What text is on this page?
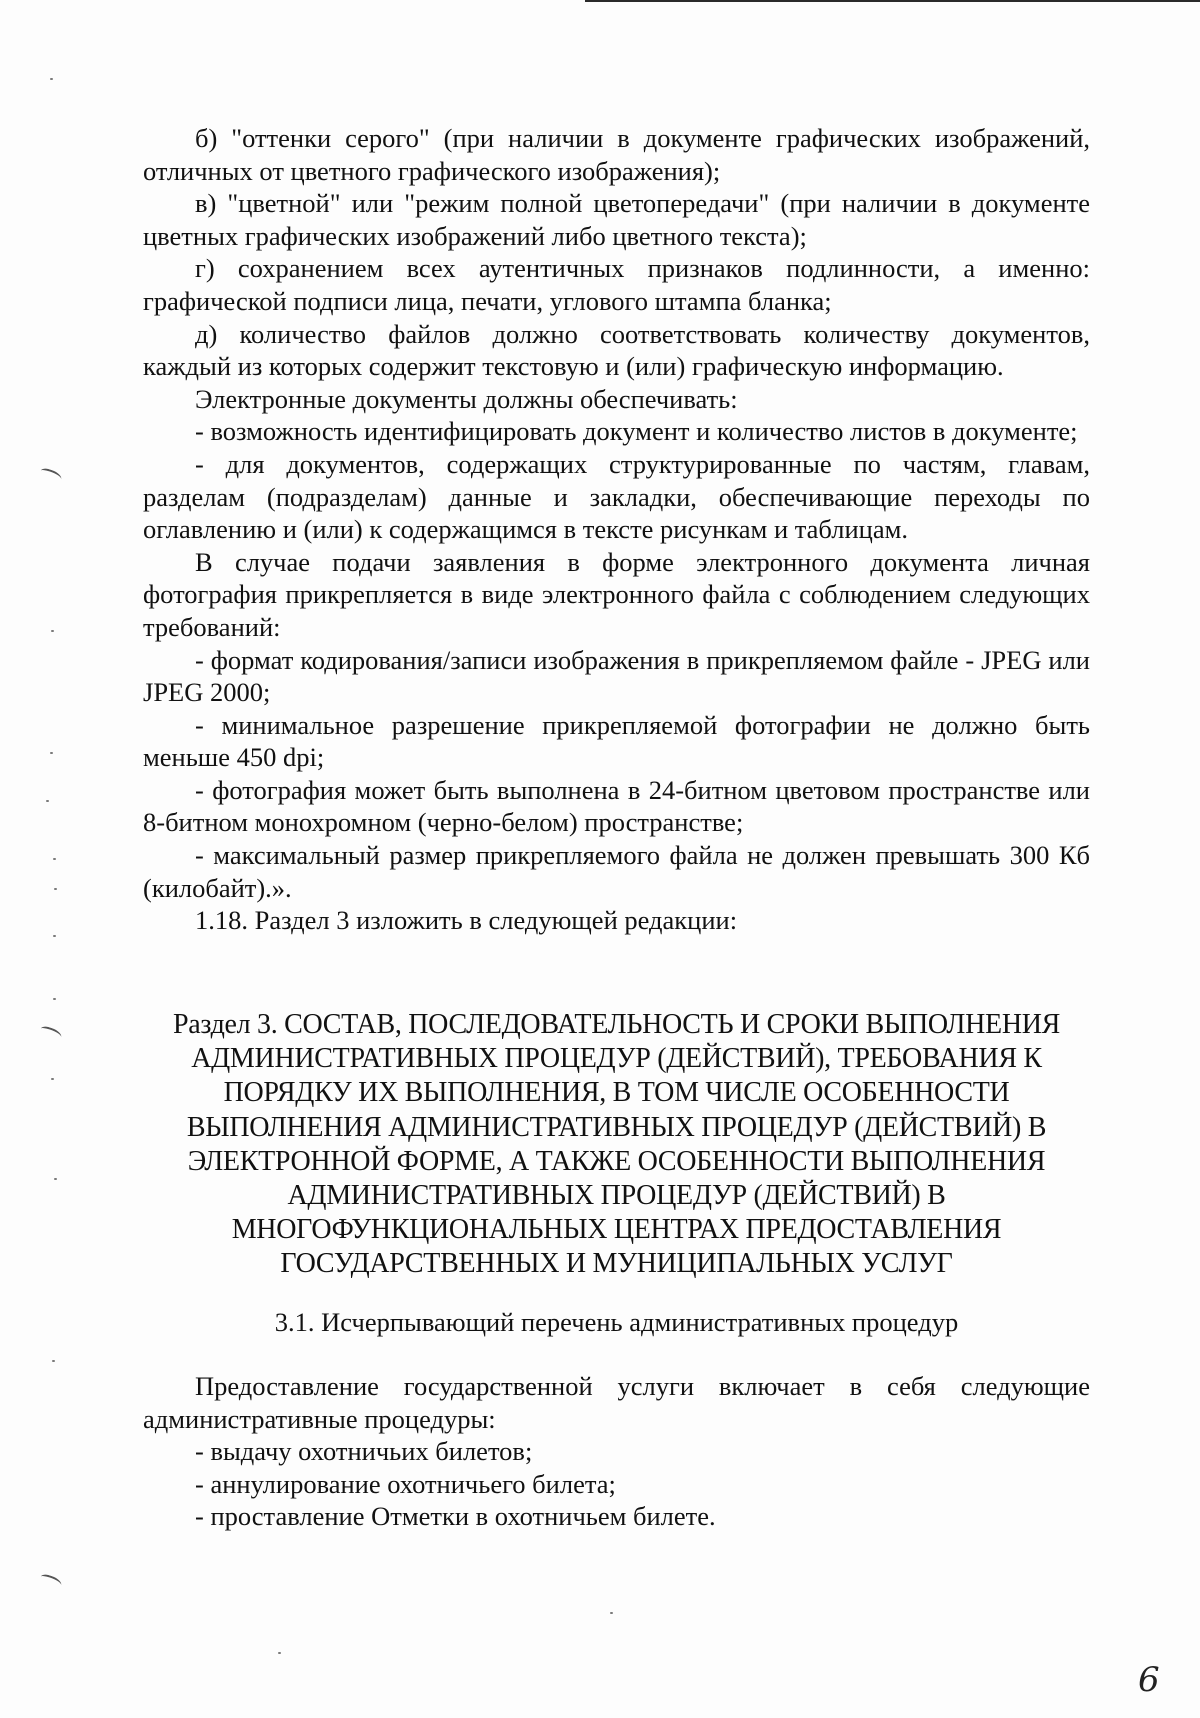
б) "оттенки серого" (при наличии в документе графических изображений, отличных от цветного графического изображения);

в) "цветной" или "режим полной цветопередачи" (при наличии в документе цветных графических изображений либо цветного текста);

г) сохранением всех аутентичных признаков подлинности, а именно: графической подписи лица, печати, углового штампа бланка;

д) количество файлов должно соответствовать количеству документов, каждый из которых содержит текстовую и (или) графическую информацию.

Электронные документы должны обеспечивать:

- возможность идентифицировать документ и количество листов в документе;

- для документов, содержащих структурированные по частям, главам, разделам (подразделам) данные и закладки, обеспечивающие переходы по оглавлению и (или) к содержащимся в тексте рисункам и таблицам.

В случае подачи заявления в форме электронного документа личная фотография прикрепляется в виде электронного файла с соблюдением следующих требований:

- формат кодирования/записи изображения в прикрепляемом файле - JPEG или JPEG 2000;

- минимальное разрешение прикрепляемой фотографии не должно быть меньше 450 dpi;

- фотография может быть выполнена в 24-битном цветовом пространстве или 8-битном монохромном (черно-белом) пространстве;

- максимальный размер прикрепляемого файла не должен превышать 300 Кб (килобайт).».

1.18. Раздел 3 изложить в следующей редакции:

Раздел 3. СОСТАВ, ПОСЛЕДОВАТЕЛЬНОСТЬ И СРОКИ ВЫПОЛНЕНИЯ
АДМИНИСТРАТИВНЫХ ПРОЦЕДУР (ДЕЙСТВИЙ), ТРЕБОВАНИЯ К
ПОРЯДКУ ИХ ВЫПОЛНЕНИЯ, В ТОМ ЧИСЛЕ ОСОБЕННОСТИ
ВЫПОЛНЕНИЯ АДМИНИСТРАТИВНЫХ ПРОЦЕДУР (ДЕЙСТВИЙ) В
ЭЛЕКТРОННОЙ ФОРМЕ, А ТАКЖЕ ОСОБЕННОСТИ ВЫПОЛНЕНИЯ
АДМИНИСТРАТИВНЫХ ПРОЦЕДУР (ДЕЙСТВИЙ) В
МНОГОФУНКЦИОНАЛЬНЫХ ЦЕНТРАХ ПРЕДОСТАВЛЕНИЯ
ГОСУДАРСТВЕННЫХ И МУНИЦИПАЛЬНЫХ УСЛУГ
3.1. Исчерпывающий перечень административных процедур

Предоставление государственной услуги включает в себя следующие административные процедуры:

- выдачу охотничьих билетов;

- аннулирование охотничьего билета;

- проставление Отметки в охотничьем билете.

6
